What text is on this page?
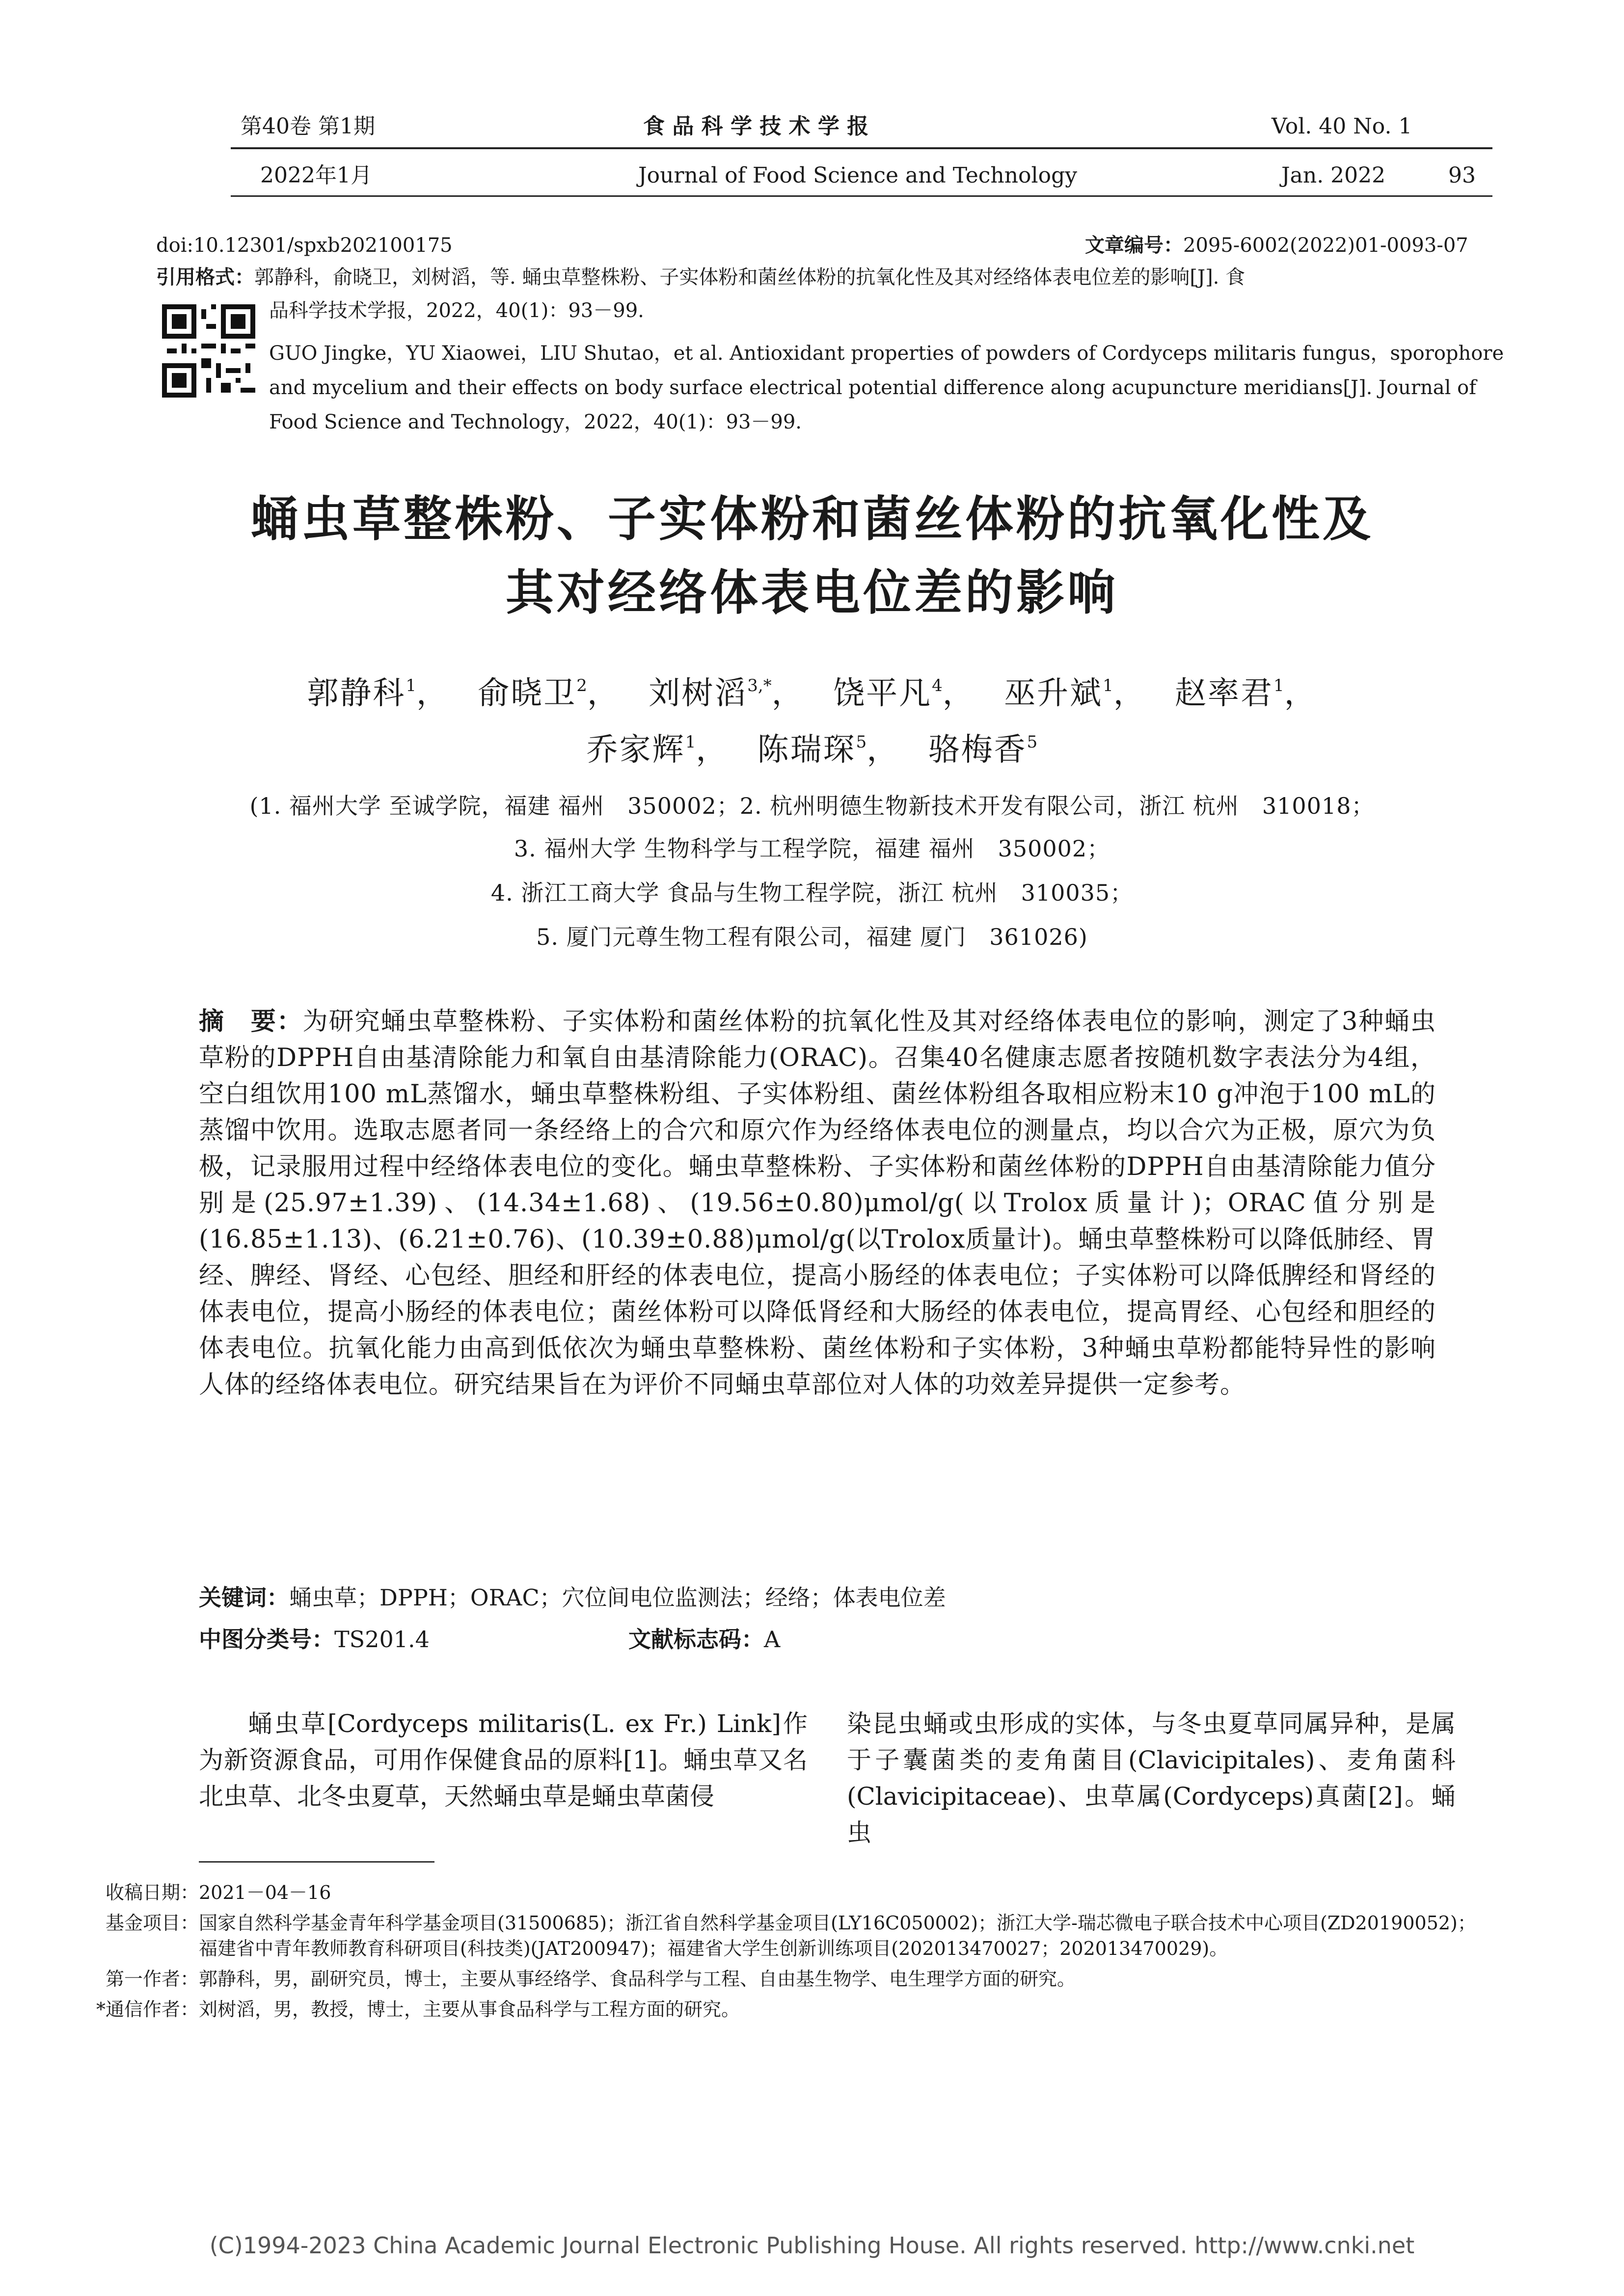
第40卷 第1期	食 品 科 学 技 术 学 报	Vol. 40 No. 1
2022年1月	Journal of Food Science and Technology	Jan. 2022	93
doi:10.12301/spxb202100175	文章编号：2095-6002(2022)01-0093-07
引用格式：郭静科，俞晓卫，刘树滔，等. 蛹虫草整株粉、子实体粉和菌丝体粉的抗氧化性及其对经络体表电位差的影响[J]. 食
品科学技术学报，2022，40(1)：93－99.
GUO Jingke，YU Xiaowei，LIU Shutao，et al. Antioxidant properties of powders of Cordyceps militaris fungus，sporophore
and mycelium and their effects on body surface electrical potential difference along acupuncture meridians[J]. Journal of
Food Science and Technology，2022，40(1)：93－99.
蛹虫草整株粉、子实体粉和菌丝体粉的抗氧化性及
其对经络体表电位差的影响
郭静科$^1$，　 俞晓卫$^2$，　 刘树滔$^{3,*}$，　 饶平凡$^4$，　 巫升斌$^1$，　 赵率君$^1$，
乔家辉$^1$，　 陈瑞琛$^5$，　 骆梅香$^5$
(1. 福州大学 至诚学院，福建 福州　350002；2. 杭州明德生物新技术开发有限公司，浙江 杭州　310018；
3. 福州大学 生物科学与工程学院，福建 福州　350002；
4. 浙江工商大学 食品与生物工程学院，浙江 杭州　310035；
5. 厦门元尊生物工程有限公司，福建 厦门　361026)
摘　要：为研究蛹虫草整株粉、子实体粉和菌丝体粉的抗氧化性及其对经络体表电位的影响，测定了3种蛹虫草粉的DPPH自由基清除能力和氧自由基清除能力(ORAC)。召集40名健康志愿者按随机数字表法分为4组，空白组饮用100 mL蒸馏水，蛹虫草整株粉组、子实体粉组、菌丝体粉组各取相应粉末10 g冲泡于100 mL的蒸馏中饮用。选取志愿者同一条经络上的合穴和原穴作为经络体表电位的测量点，均以合穴为正极，原穴为负极，记录服用过程中经络体表电位的变化。蛹虫草整株粉、子实体粉和菌丝体粉的DPPH自由基清除能力值分别是(25.97±1.39)、(14.34±1.68)、(19.56±0.80)μmol/g(以Trolox质量计)；ORAC值分别是(16.85±1.13)、(6.21±0.76)、(10.39±0.88)μmol/g(以Trolox质量计)。蛹虫草整株粉可以降低肺经、胃经、脾经、肾经、心包经、胆经和肝经的体表电位，提高小肠经的体表电位；子实体粉可以降低脾经和肾经的体表电位，提高小肠经的体表电位；菌丝体粉可以降低肾经和大肠经的体表电位，提高胃经、心包经和胆经的体表电位。抗氧化能力由高到低依次为蛹虫草整株粉、菌丝体粉和子实体粉，3种蛹虫草粉都能特异性的影响人体的经络体表电位。研究结果旨在为评价不同蛹虫草部位对人体的功效差异提供一定参考。
关键词：蛹虫草；DPPH；ORAC；穴位间电位监测法；经络；体表电位差
中图分类号：TS201.4	文献标志码：A
蛹虫草[Cordyceps militaris(L. ex Fr.) Link]作为新资源食品，可用作保健食品的原料[1]。蛹虫草又名北虫草、北冬虫夏草，天然蛹虫草是蛹虫草菌侵
染昆虫蛹或虫形成的实体，与冬虫夏草同属异种，是属于子囊菌类的麦角菌目(Clavicipitales)、麦角菌科(Clavicipitaceae)、虫草属(Cordyceps)真菌[2]。蛹虫
收稿日期： 2021－04－16
基金项目： 国家自然科学基金青年科学基金项目(31500685)；浙江省自然科学基金项目(LY16C050002)；浙江大学-瑞芯微电子联合技术中心项目(ZD20190052)；福建省中青年教师教育科研项目(科技类)(JAT200947)；福建省大学生创新训练项目(202013470027；202013470029)。
第一作者： 郭静科，男，副研究员，博士，主要从事经络学、食品科学与工程、自由基生物学、电生理学方面的研究。
*通信作者： 刘树滔，男，教授，博士，主要从事食品科学与工程方面的研究。
(C)1994-2023 China Academic Journal Electronic Publishing House. All rights reserved. http://www.cnki.net
